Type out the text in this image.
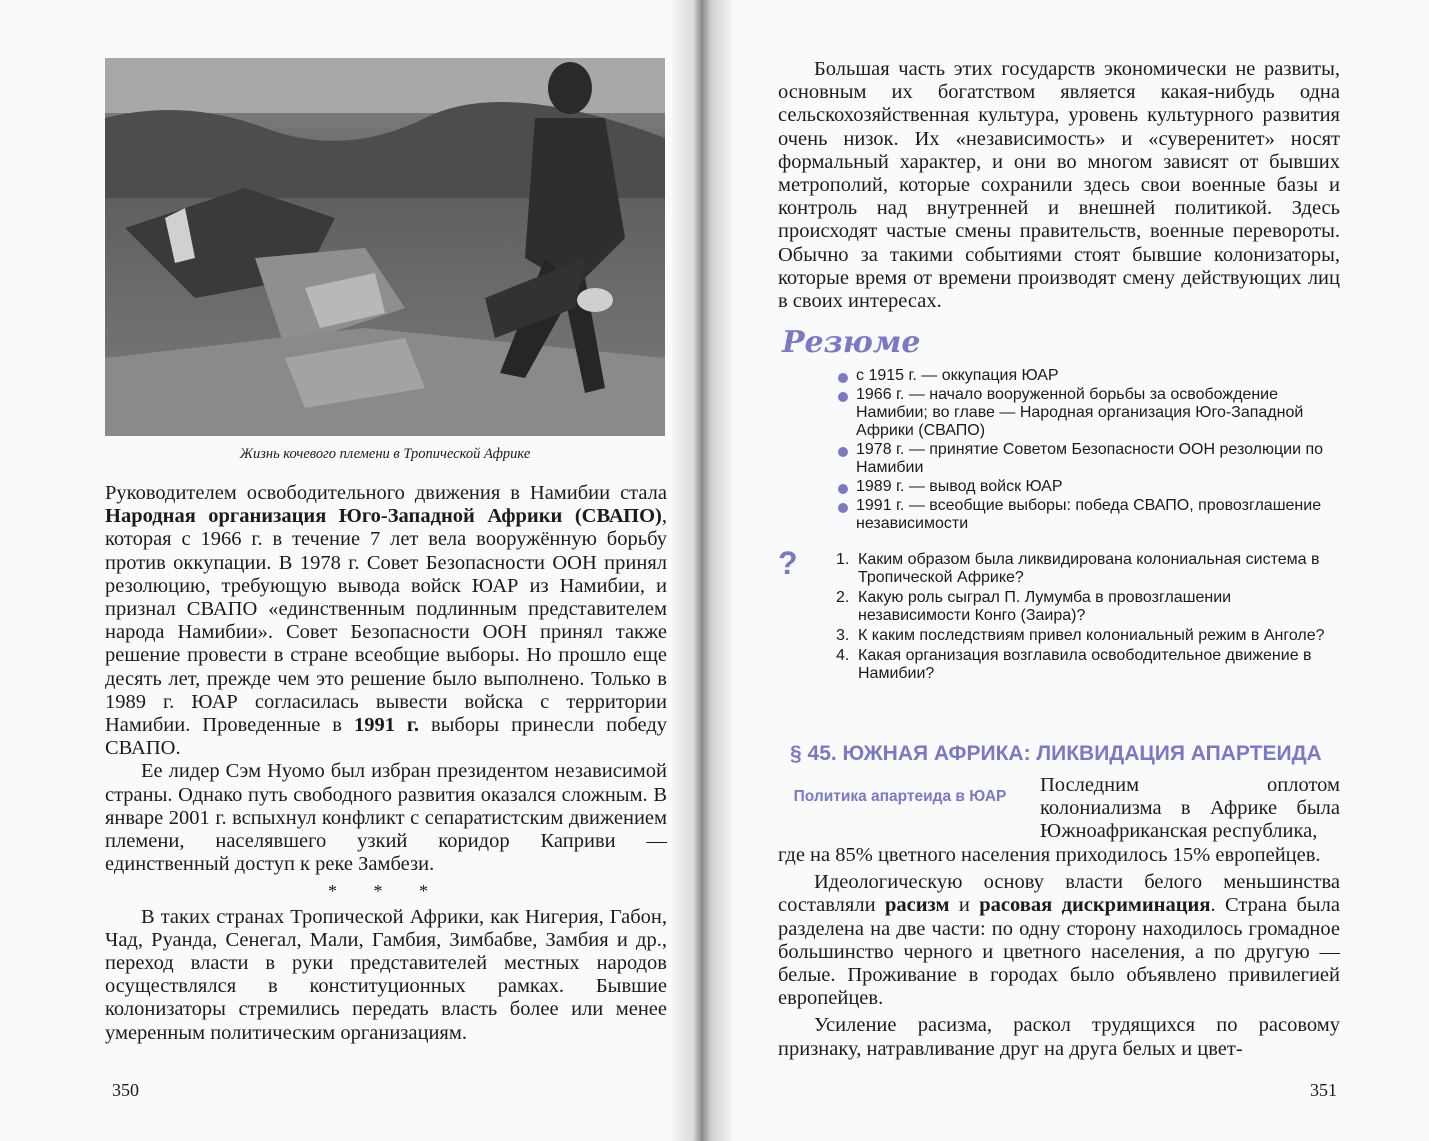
Жизнь кочевого племени в Тропической Африке

Руководителем освободительного движения в Намибии стала Народная организация Юго-Западной Африки (СВАПО), которая с 1966 г. в течение 7 лет вела вооружённую борьбу против оккупации. В 1978 г. Совет Безопасности ООН принял резолюцию, требующую вывода войск ЮАР из Намибии, и признал СВАПО «единственным подлинным представителем народа Намибии». Совет Безопасности ООН принял также решение провести в стране всеобщие выборы. Но прошло еще десять лет, прежде чем это решение было выполнено. Только в 1989 г. ЮАР согласилась вывести войска с территории Намибии. Проведенные в 1991 г. выборы принесли победу СВАПО.

Ее лидер Сэм Нуомо был избран президентом независимой страны. Однако путь свободного развития оказался сложным. В январе 2001 г. вспыхнул конфликт с сепаратистским движением племени, населявшего узкий коридор Каприви — единственный доступ к реке Замбези.

* * *

В таких странах Тропической Африки, как Нигерия, Габон, Чад, Руанда, Сенегал, Мали, Гамбия, Зимбабве, Замбия и др., переход власти в руки представителей местных народов осуществлялся в конституционных рамках. Бывшие колонизаторы стремились передать власть более или менее умеренным политическим организациям.

350

Большая часть этих государств экономически не развиты, основным их богатством является какая-нибудь одна сельскохозяйственная культура, уровень культурного развития очень низок. Их «независимость» и «суверенитет» носят формальный характер, и они во многом зависят от бывших метрополий, которые сохранили здесь свои военные базы и контроль над внутренней и внешней политикой. Здесь происходят частые смены правительств, военные перевороты. Обычно за такими событиями стоят бывшие колонизаторы, которые время от времени производят смену действующих лиц в своих интересах.

Резюме
с 1915 г. — оккупация ЮАР
1966 г. — начало вооруженной борьбы за освобождение Намибии; во главе — Народная организация Юго-Западной Африки (СВАПО)
1978 г. — принятие Советом Безопасности ООН резолюции по Намибии
1989 г. — вывод войск ЮАР
1991 г. — всеобщие выборы: победа СВАПО, провозглашение независимости
? 1. Каким образом была ликвидирована колониальная система в Тропической Африке?
2. Какую роль сыграл П. Лумумба в провозглашении независимости Конго (Заира)?
3. К каким последствиям привел колониальный режим в Анголе?
4. Какая организация возглавила освободительное движение в Намибии?
§ 45. ЮЖНАЯ АФРИКА: ЛИКВИДАЦИЯ АПАРТЕИДА
Политика апартеида в ЮАР

Последним оплотом колониализма в Африке была Южноафриканская республика,

где на 85% цветного населения приходилось 15% европейцев.

Идеологическую основу власти белого меньшинства составляли расизм и расовая дискриминация. Страна была разделена на две части: по одну сторону находилось громадное большинство черного и цветного населения, а по другую — белые. Проживание в городах было объявлено привилегией европейцев.

Усиление расизма, раскол трудящихся по расовому признаку, натравливание друг на друга белых и цвет-

351
